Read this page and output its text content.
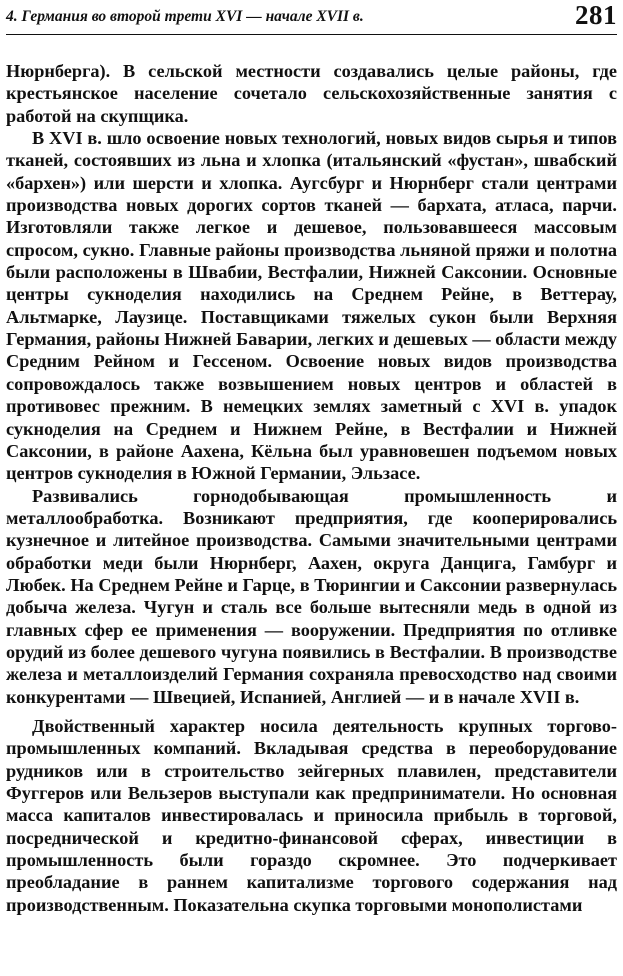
4. Германия во второй трети XVI — начале XVII в.	281

Нюрнберга). В сельской местности создавались целые районы, где крестьянское население сочетало сельскохозяйственные занятия с работой на скупщика.

В XVI в. шло освоение новых технологий, новых видов сырья и типов тканей, состоявших из льна и хлопка (итальянский «фустан», швабский «бархен») или шерсти и хлопка. Аугсбург и Нюрнберг стали центрами производства новых дорогих сортов тканей — бархата, атласа, парчи. Изготовляли также легкое и дешевое, пользовавшееся массовым спросом, сукно. Главные районы производства льняной пряжи и полотна были расположены в Швабии, Вестфалии, Нижней Саксонии. Основные центры сукноделия находились на Среднем Рейне, в Веттерау, Альтмарке, Лаузице. Поставщиками тяжелых сукон были Верхняя Германия, районы Нижней Баварии, легких и дешевых — области между Средним Рейном и Гессеном. Освоение новых видов производства сопровождалось также возвышением новых центров и областей в противовес прежним. В немецких землях заметный с XVI в. упадок сукноделия на Среднем и Нижнем Рейне, в Вестфалии и Нижней Саксонии, в районе Аахена, Кёльна был уравновешен подъемом новых центров сукноделия в Южной Германии, Эльзасе.

Развивались горнодобывающая промышленность и металлообработка. Возникают предприятия, где кооперировались кузнечное и литейное производства. Самыми значительными центрами обработки меди были Нюрнберг, Аахен, округа Данцига, Гамбург и Любек. На Среднем Рейне и Гарце, в Тюрингии и Саксонии развернулась добыча железа. Чугун и сталь все больше вытесняли медь в одной из главных сфер ее применения — вооружении. Предприятия по отливке орудий из более дешевого чугуна появились в Вестфалии. В производстве железа и металлоизделий Германия сохраняла превосходство над своими конкурентами — Швецией, Испанией, Англией — и в начале XVII в.

Двойственный характер носила деятельность крупных торгово-промышленных компаний. Вкладывая средства в переоборудование рудников или в строительство зейгерных плавилен, представители Фуггеров или Вельзеров выступали как предприниматели. Но основная масса капиталов инвестировалась и приносила прибыль в торговой, посреднической и кредитно-финансовой сферах, инвестиции в промышленность были гораздо скромнее. Это подчеркивает преобладание в раннем капитализме торгового содержания над производственным. Показательна скупка торговыми монополистами
